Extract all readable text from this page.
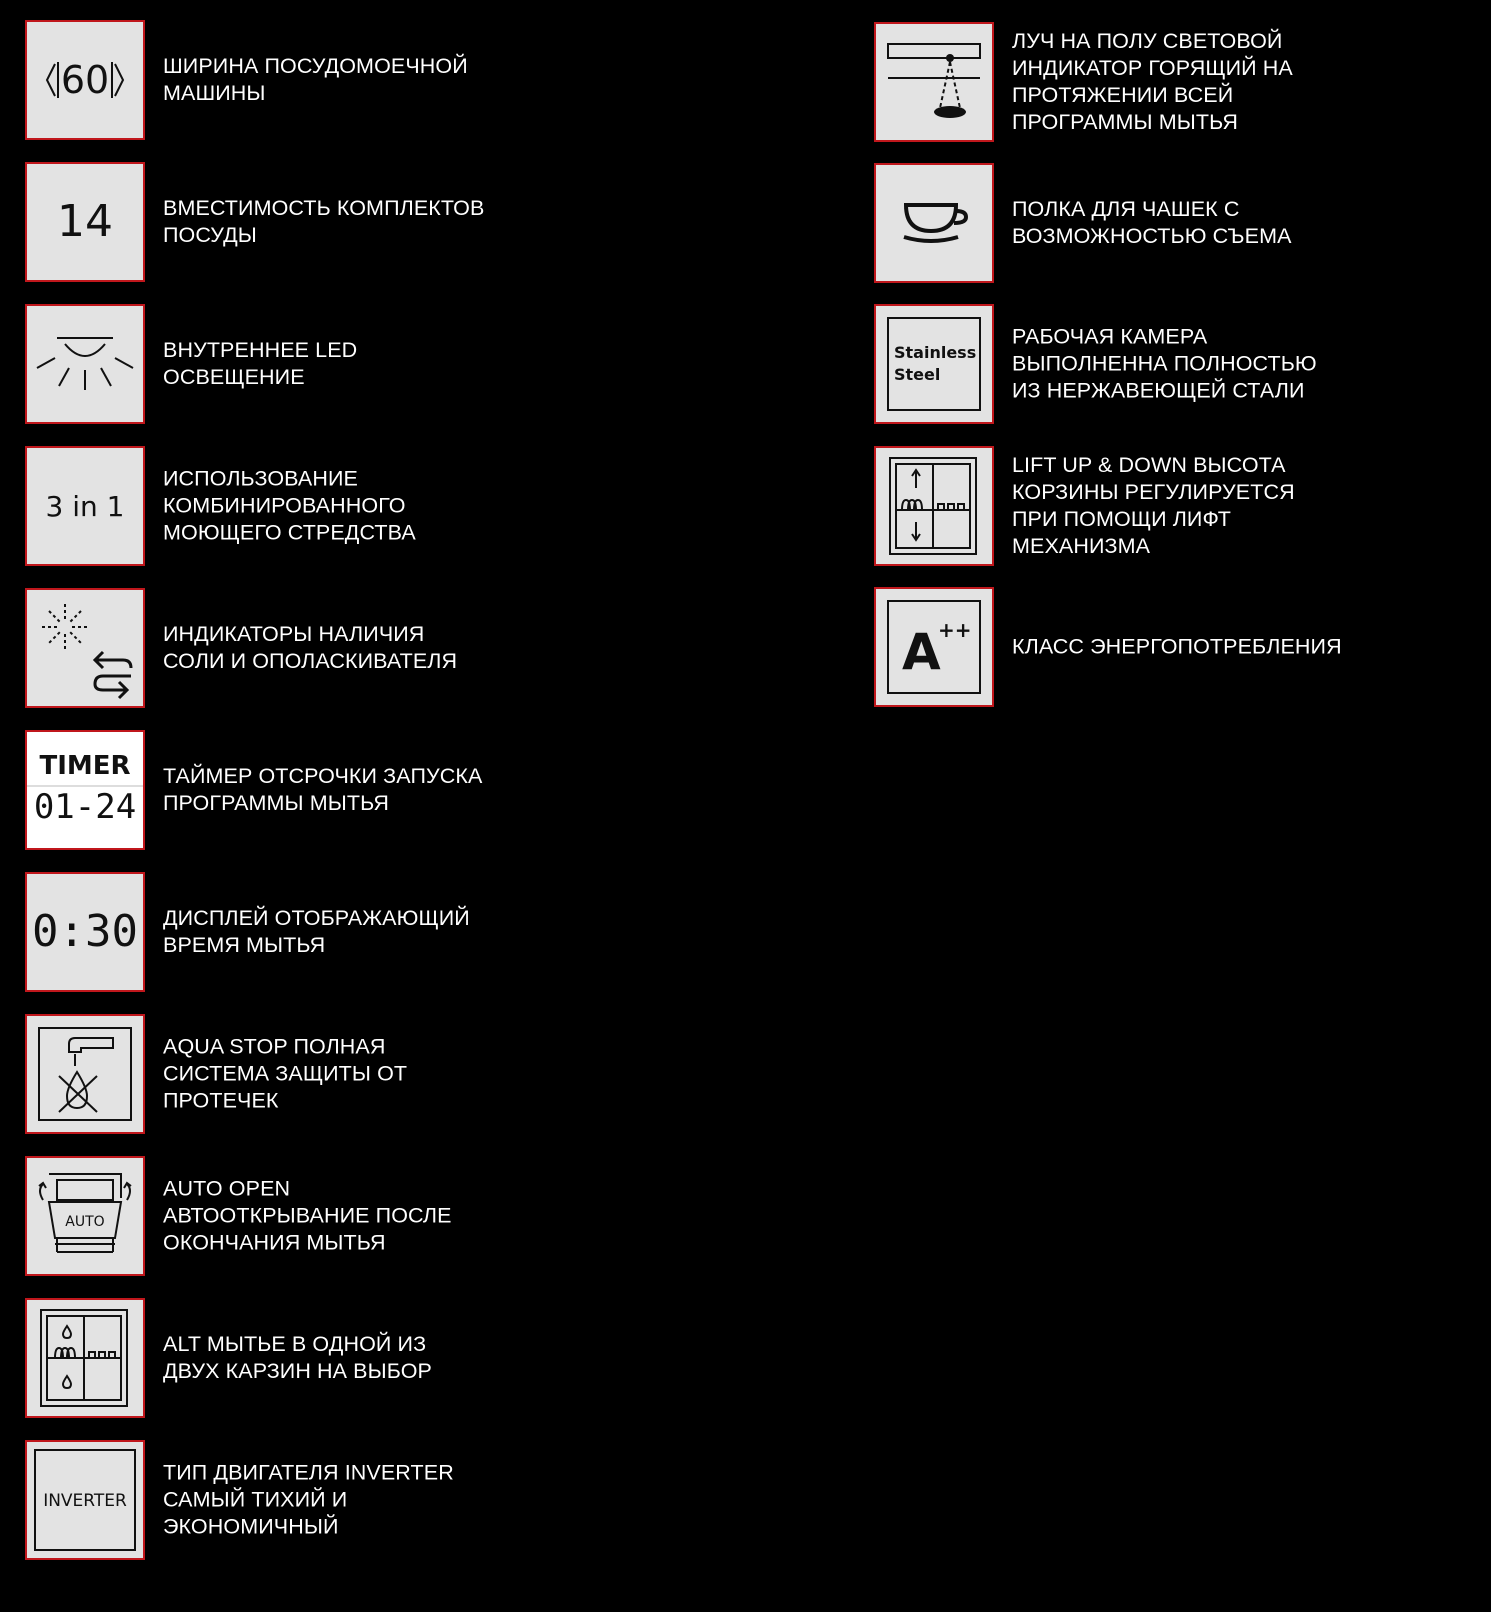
60	ШИРИНА ПОСУДОМОЕЧНОЙ
МАШИНЫ
14 ВМЕСТИМОСТЬ КОМПЛЕКТОВ
ПОСУДЫ
ВНУТРЕННЕЕ LED
ОСВЕЩЕНИЕ
3 in 1
ИСПОЛЬЗОВАНИЕ
КОМБИНИРОВАННОГО
МОЮЩЕГО СТРЕДСТВА
ИНДИКАТОРЫ НАЛИЧИЯ
СОЛИ И ОПОЛАСКИВАТЕЛЯ
TIMER
01-24
ТАЙМЕР ОТСРОЧКИ ЗАПУСКА
ПРОГРАММЫ МЫТЬЯ
0:30 ДИСПЛЕЙ ОТОБРАЖАЮЩИЙ
ВРЕМЯ МЫТЬЯ
AQUA STOP ПОЛНАЯ
СИСТЕМА ЗАЩИТЫ ОТ
ПРОТЕЧЕК
AUTO
AUTO OPEN
АВТООТКРЫВАНИЕ ПОСЛЕ
ОКОНЧАНИЯ МЫТЬЯ
ALT МЫТЬЕ В ОДНОЙ ИЗ
ДВУХ КАРЗИН НА ВЫБОР
INVERTER
ТИП ДВИГАТЕЛЯ INVERTER
САМЫЙ ТИХИЙ И
ЭКОНОМИЧНЫЙ
ЛУЧ НА ПОЛУ СВЕТОВОЙ
ИНДИКАТОР ГОРЯЩИЙ НА
ПРОТЯЖЕНИИ ВСЕЙ
ПРОГРАММЫ МЫТЬЯ
ПОЛКА ДЛЯ ЧАШЕК С
ВОЗМОЖНОСТЬЮ СЪЕМА
Stainless
Steel
РАБОЧАЯ КАМЕРА
ВЫПОЛНЕННА ПОЛНОСТЬЮ
ИЗ НЕРЖАВЕЮЩЕЙ СТАЛИ
LIFT UP & DOWN ВЫСОТА
КОРЗИНЫ РЕГУЛИРУЕТСЯ
ПРИ ПОМОЩИ ЛИФТ
МЕХАНИЗМА
A
++
КЛАСС ЭНЕРГОПОТРЕБЛЕНИЯ
